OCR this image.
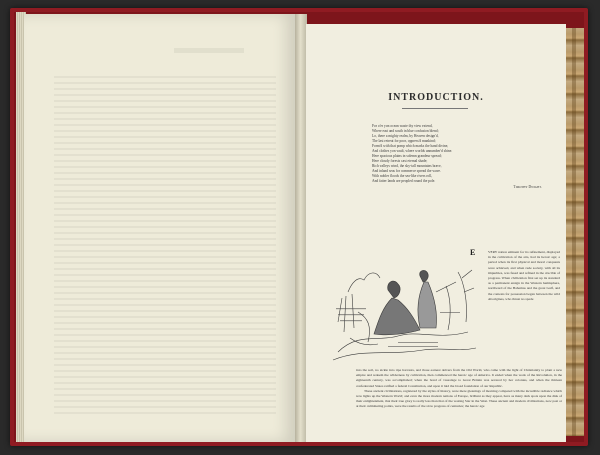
INTRODUCTION.
For o'er yon ocean waste thy view extend,
Where east and south in blue confusion blend;
Lo, there a mighty realm, by Heaven design'd,
The last retreat for poor, oppress'd mankind;
Form'd with that pomp which marks the hand divine,
And clothes yon vault, where worlds unnumber'd shine.
Here spacious plains in solemn grandeur spread;
Here cloudy forests cast eternal shade;
Rich valleys wind, the sky-tall mountains brave,
And inland seas for commerce spread the wave.
With nobler floods the sea-like rivers roll,
And fatter lands are peopled round the pole.
Timothy Dwight.
E	VERY nation eminent for its refinement, displayed in the cultivation of the arts, had its heroic age; a period when its first physical and moral conquests were achieved, and when rude society, with all its impurities, was fused and refined in the crucible of progress. When civilization first set up its standard as a permanent ensign in the Western hemisphere, northward of the Bahamas and the great Gulf, and the contests for possession began between the wild Aborigines, who thrust no spade
into the soil, no sickle into ripe harvests, and those earnest delvers from the Old World, who came with the light of Christianity to plant a new empire and redeem the wilderness by cultivation, then commenced the heroic age of America. It ended when the work of the Revolution, in the eighteenth century, was accomplished; when the bond of vassalage to Great Britain was severed by her colonies, and when the thirteen confederated States ratified a federal Constitution, and upon it laid the broad foundation of our Republic.
These ancient civilizations, registered by the styles of history, were mere gleanings of morning compared with the incredible radiance which now lights up the Western World; and even the more modern nations of Europe, brilliant as they appear, have as many dark spots upon the disk of their enlightenment, that their true glory is really less than that of the waxing Star in the West. These ancient and modern civilizations, now past or at their culminating points, were the results of the slow progress of centuries; the heroic age
